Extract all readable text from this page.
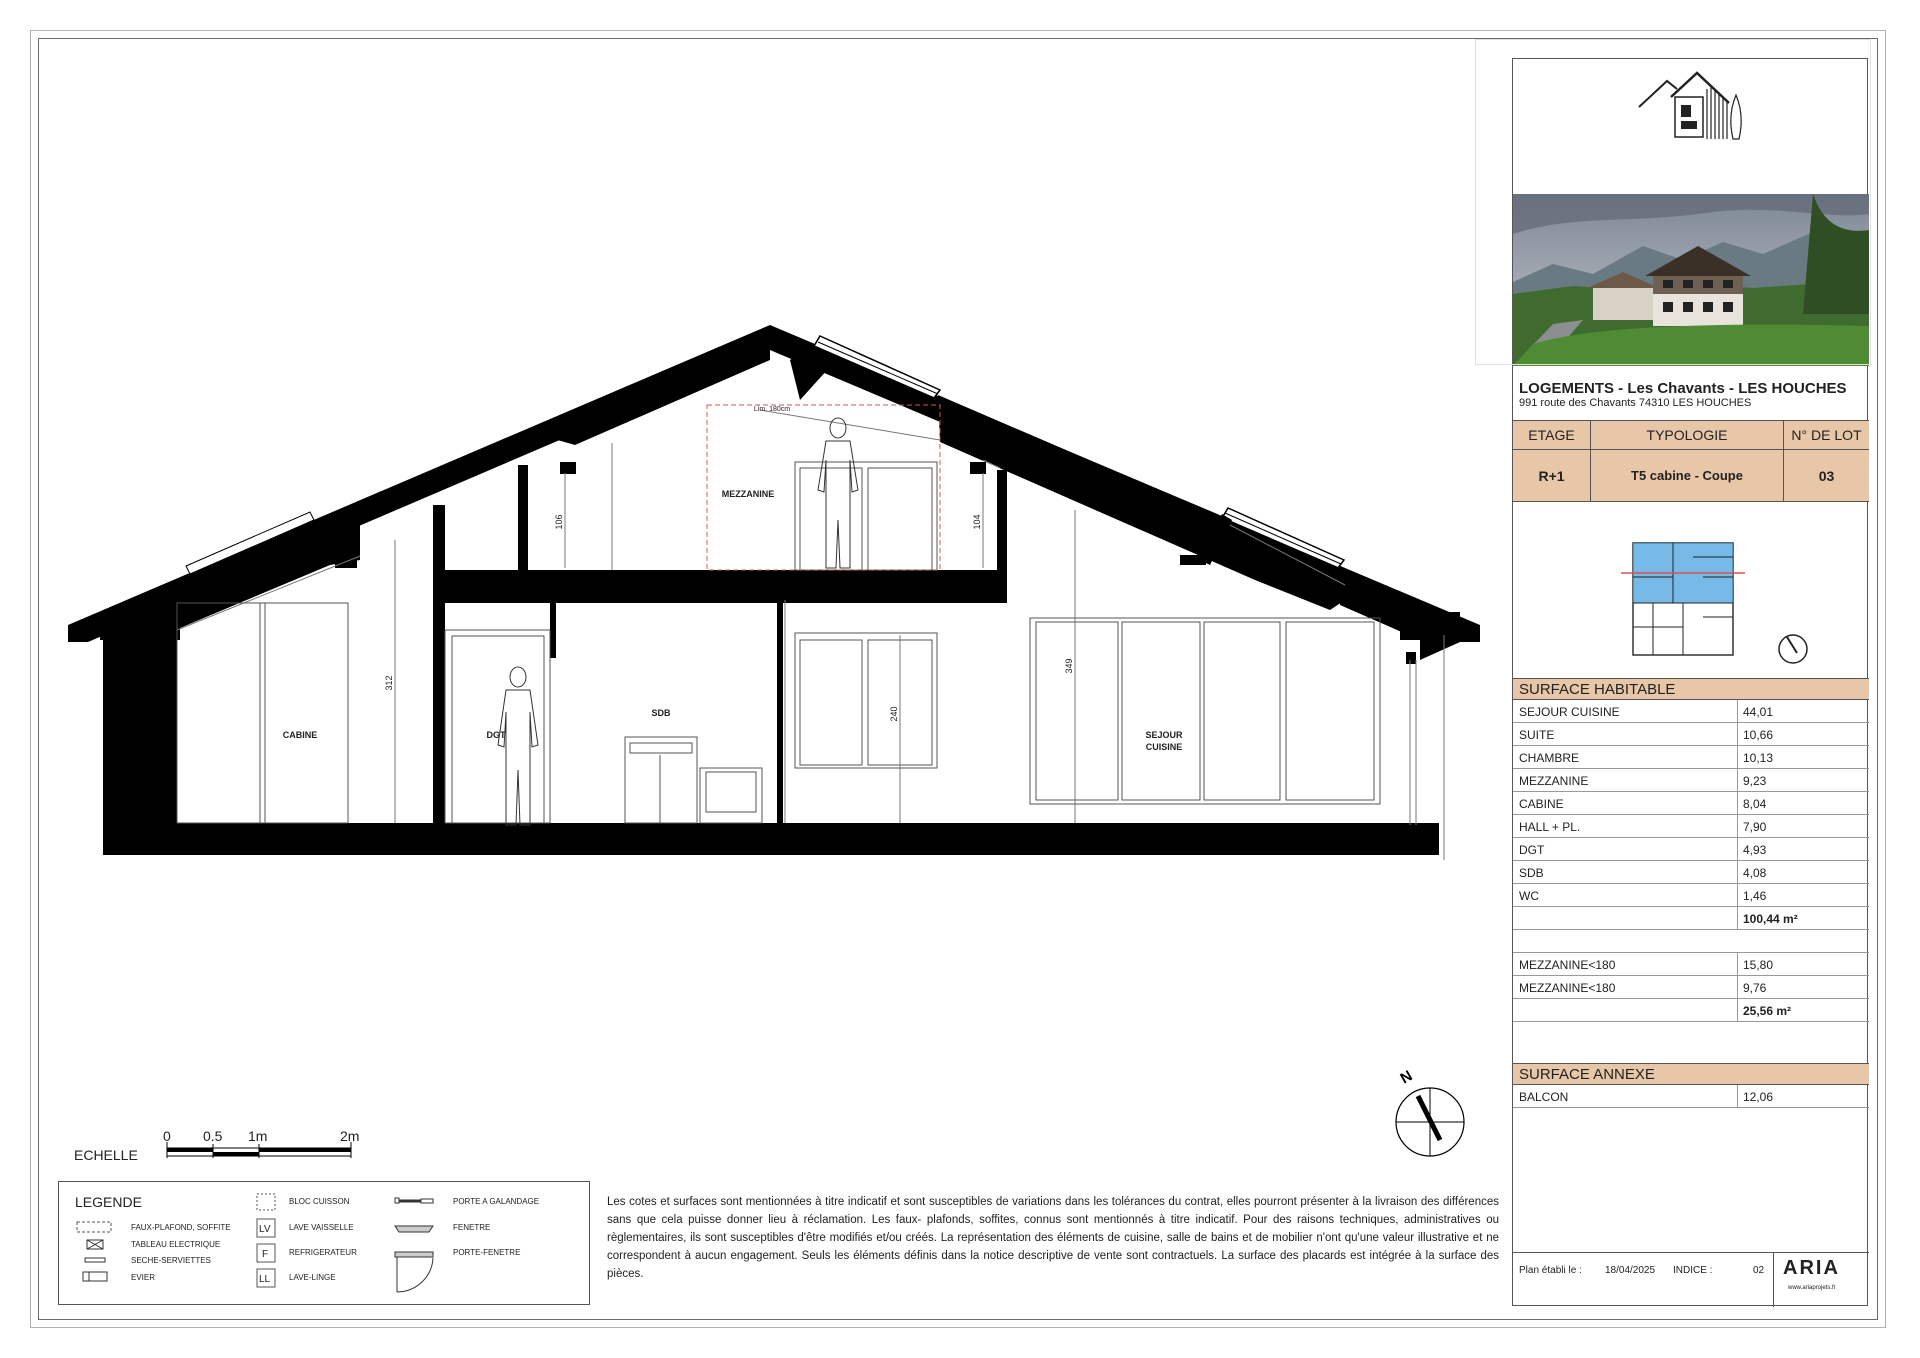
312
106	104
240
349
CABINE	DGT
SDB
MEZZANINE
SEJOUR
CUISINE
Lim. 180cm
N
0 0.5 1m	2m
ECHELLE
LEGENDE
FAUX-PLAFOND, SOFFITE
TABLEAU ELECTRIQUE
SECHE-SERVIETTES
EVIER
LV
F
LL
BLOC CUISSON
LAVE VAISSELLE
REFRIGERATEUR
LAVE-LINGE
PORTE A GALANDAGE
FENETRE
PORTE-FENETRE
Les cotes et surfaces sont mentionnées à titre indicatif et sont susceptibles de variations dans les tolérances du contrat, elles pourront présenter à la livraison des différences sans que cela puisse donner lieu à réclamation. Les faux- plafonds, soffites, connus sont mentionnés à titre indicatif. Pour des raisons techniques, administratives ou règlementaires, ils sont susceptibles d'être modifiés et/ou créés. La représentation des éléments de cuisine, salle de bains et de mobilier n'ont qu'une valeur illustrative et ne correspondent à aucun engagement. Seuls les éléments définis dans la notice descriptive de vente sont contractuels. La surface des placards est intégrée à la surface des pièces.
LOGEMENTS - Les Chavants - LES HOUCHES
991 route des Chavants 74310 LES HOUCHES
ETAGE	TYPOLOGIE	N° DE LOT
R+1	T5 cabine - Coupe	03
SURFACE HABITABLE
SURFACE ANNEXE
SEJOUR CUISINE	44,01
SUITE	10,66
CHAMBRE	10,13
MEZZANINE	9,23
CABINE	8,04
HALL + PL.	7,90
DGT	4,93
SDB	4,08
WC	1,46
100,44 m²
MEZZANINE<180	15,80
MEZZANINE<180	9,76
25,56 m²
BALCON	12,06
Plan établi le : 18/04/2025 INDICE :	02 ARIA
www.ariaprojets.fr
